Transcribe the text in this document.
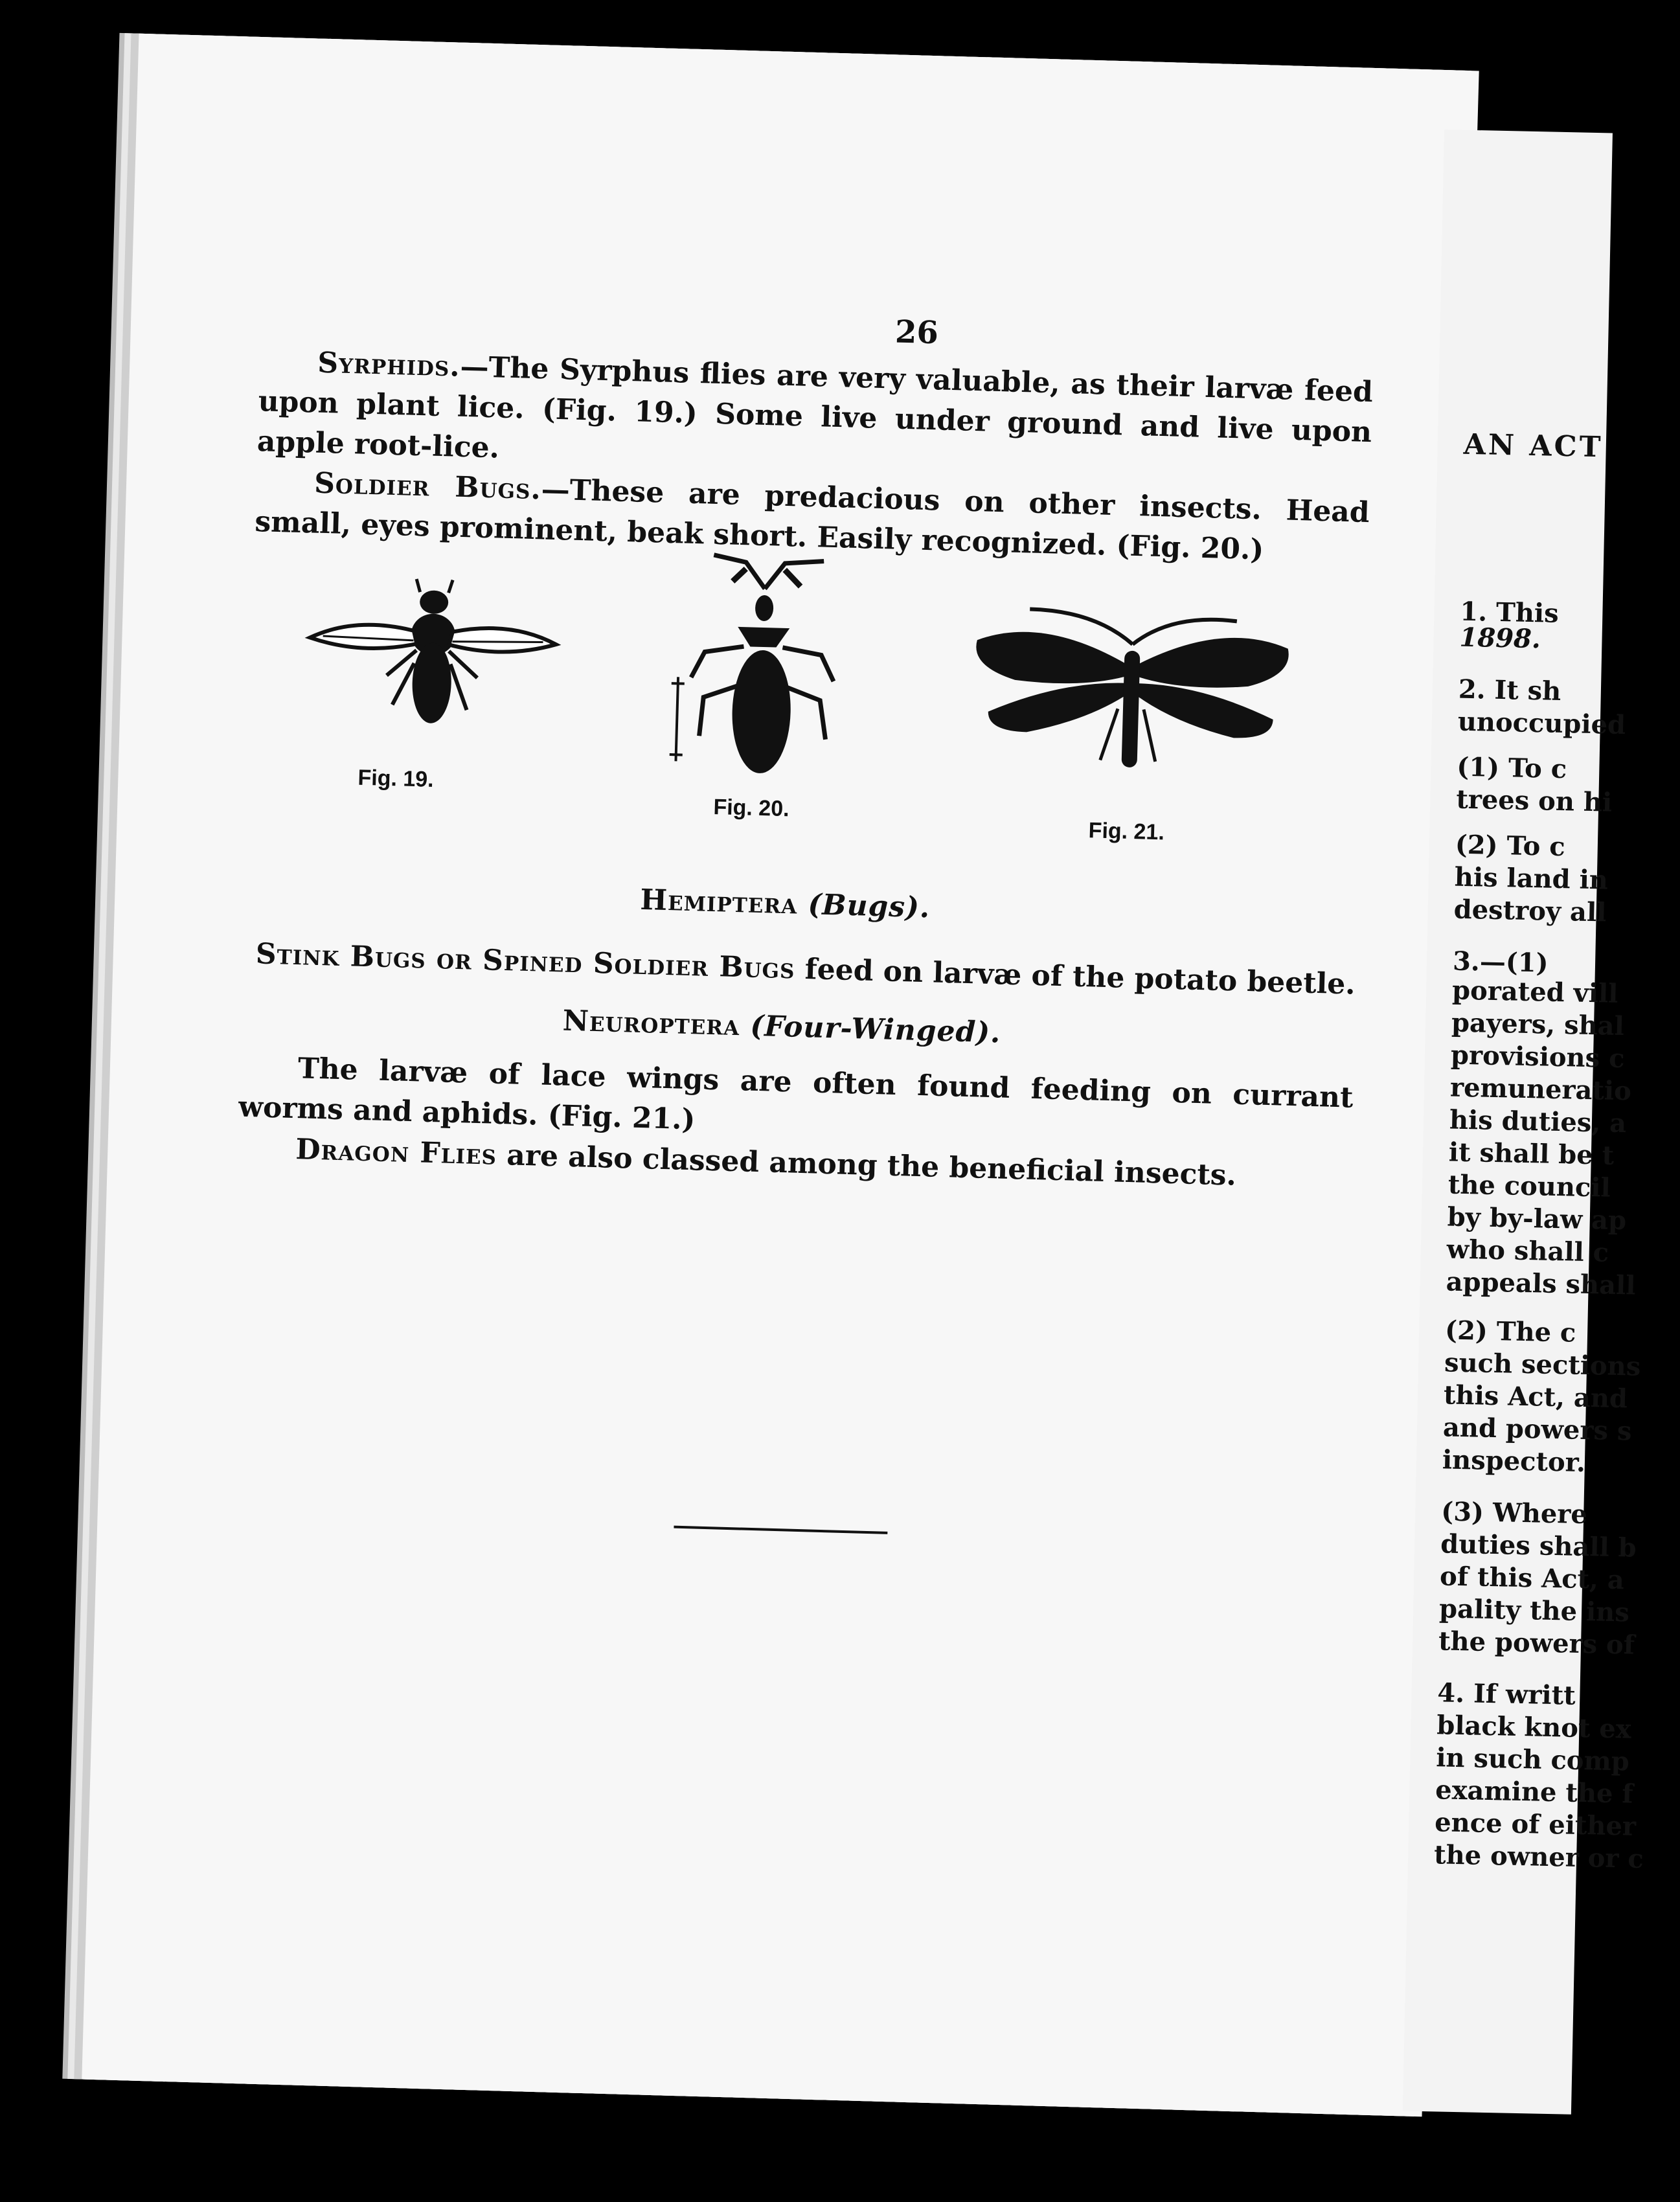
26
Syrphids.—The Syrphus flies are very valuable, as their larvæ feed upon plant lice. (Fig. 19.) Some live under ground and live upon apple root-lice.
Soldier Bugs.—These are predacious on other insects. Head small, eyes prominent, beak short. Easily recognized. (Fig. 20.)
Fig. 19.
Fig. 20.
Fig. 21.
Hemiptera (Bugs).
Stink Bugs or Spined Soldier Bugs feed on larvæ of the potato beetle.
Neuroptera (Four-Winged).
The larvæ of lace wings are often found feeding on currant worms and aphids. (Fig. 21.)
Dragon Flies are also classed among the beneficial insects.
AN ACT
1. This
1898.
2. It sh
unoccupied
(1) To c
trees on hi
(2) To c
his land in
destroy all
3.—(1)
porated vill
payers, shal
provisions c
remuneratio
his duties, a
it shall be t
the council
by by-law ap
who shall c
appeals shall
(2) The c
such sections
this Act, and
and powers s
inspector.
(3) Where
duties shall b
of this Act, a
pality the ins
the powers of
4. If writt
black knot ex
in such comp
examine the f
ence of either
the owner or c
